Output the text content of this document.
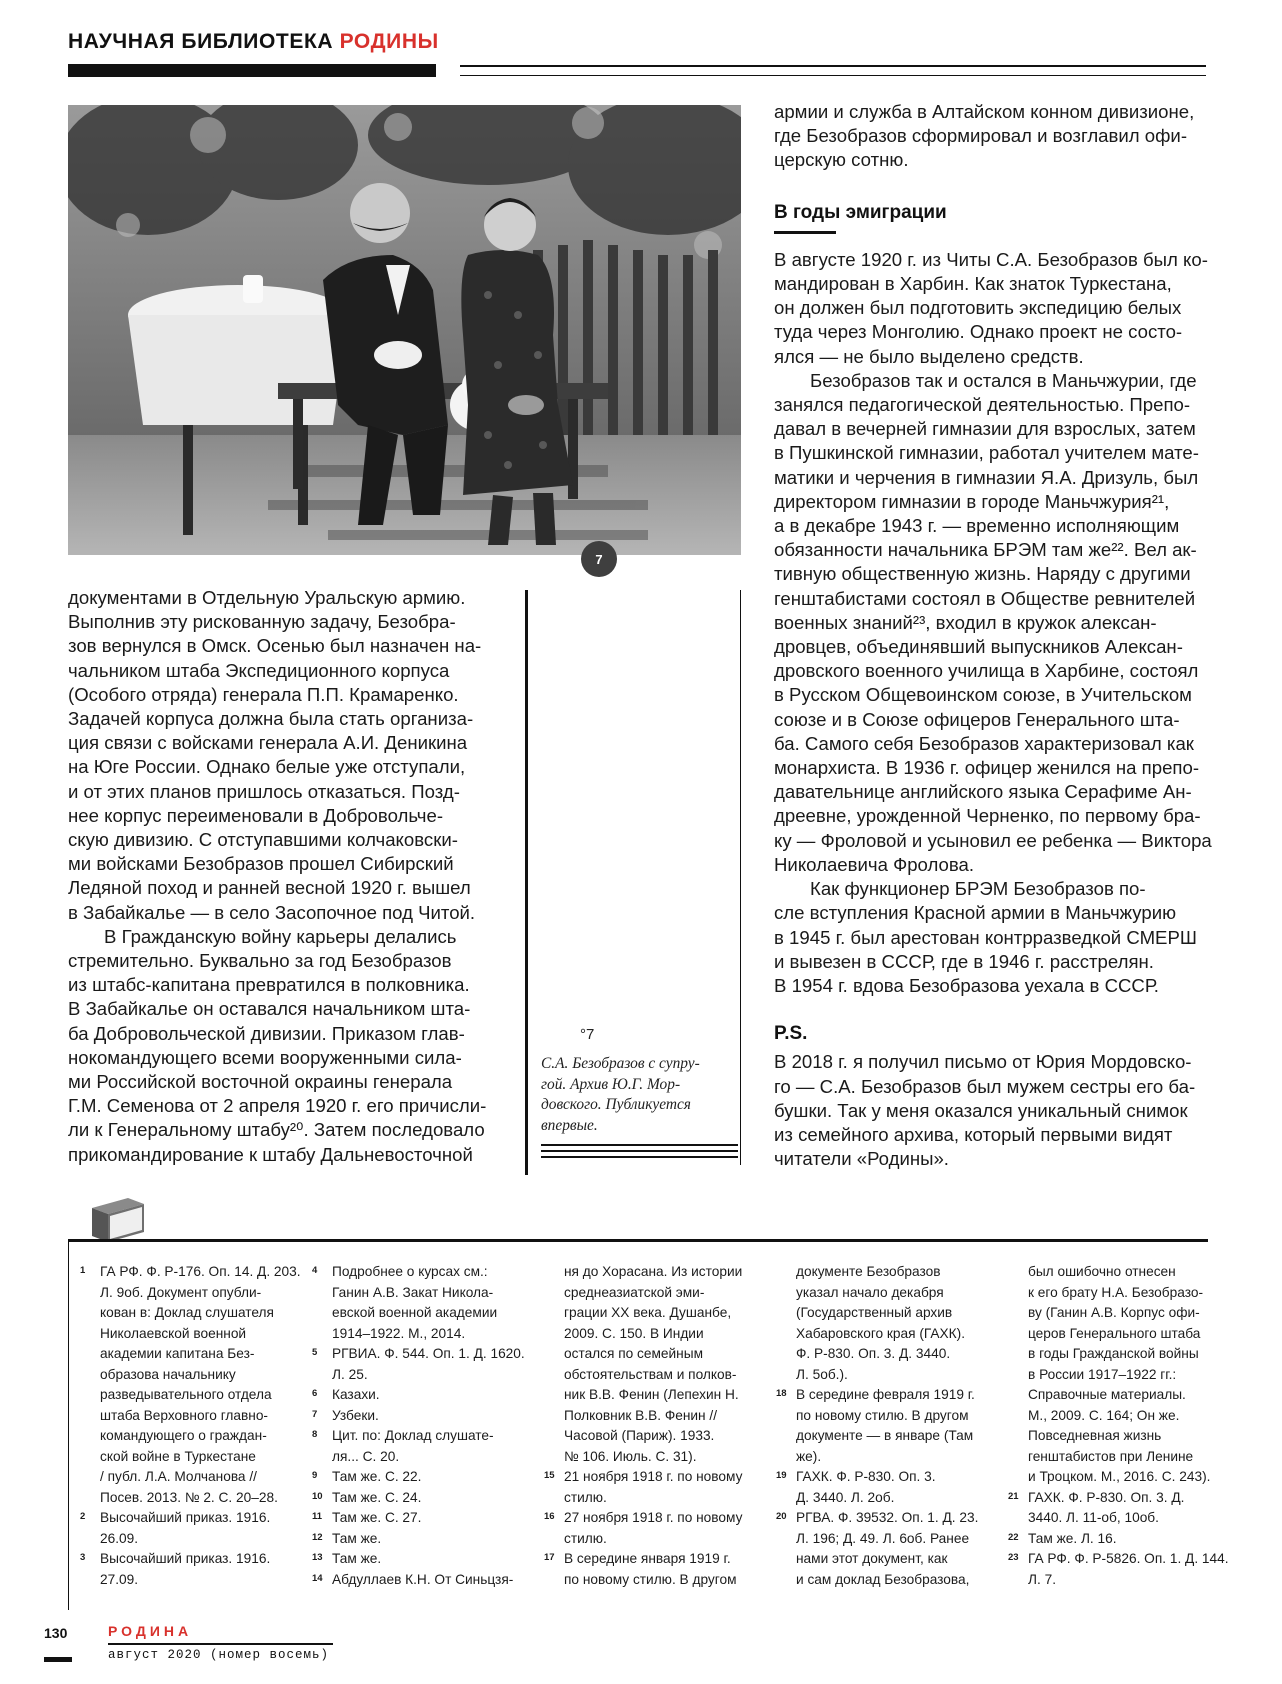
НАУЧНАЯ БИБЛИОТЕКА РОДИНЫ
7

документами в Отдельную Уральскую армию.

Выполнив эту рискованную задачу, Безобра-

зов вернулся в Омск. Осенью был назначен на-

чальником штаба Экспедиционного корпуса

(Особого отряда) генерала П.П. Крамаренко.

Задачей корпуса должна была стать организа-

ция связи с войсками генерала А.И. Деникина

на Юге России. Однако белые уже отступали,

и от этих планов пришлось отказаться. Позд-

нее корпус переименовали в Добровольче-

скую дивизию. С отступавшими колчаковски-

ми войсками Безобразов прошел Сибирский

Ледяной поход и ранней весной 1920 г. вышел

в Забайкалье — в село Засопочное под Читой.

В Гражданскую войну карьеры делались

стремительно. Буквально за год Безобразов

из штабс-капитана превратился в полковника.

В Забайкалье он оставался начальником шта-

ба Добровольческой дивизии. Приказом глав-

нокомандующего всеми вооруженными сила-

ми Российской восточной окраины генерала

Г.М. Семенова от 2 апреля 1920 г. его причисли-

ли к Генеральному штабу²⁰. Затем последовало

прикомандирование к штабу Дальневосточной

°7
С.А. Безобразов с супру-
гой. Архив Ю.Г. Мор-
довского. Публикуется
впервые.

армии и служба в Алтайском конном дивизионе,

где Безобразов сформировал и возглавил офи-

церскую сотню.

В годы эмиграции

В августе 1920 г. из Читы С.А. Безобразов был ко-

мандирован в Харбин. Как знаток Туркестана,

он должен был подготовить экспедицию белых

туда через Монголию. Однако проект не состо-

ялся — не было выделено средств.

Безобразов так и остался в Маньчжурии, где

занялся педагогической деятельностью. Препо-

давал в вечерней гимназии для взрослых, затем

в Пушкинской гимназии, работал учителем мате-

матики и черчения в гимназии Я.А. Дризуль, был

директором гимназии в городе Маньчжурия²¹,

а в декабре 1943 г. — временно исполняющим

обязанности начальника БРЭМ там же²². Вел ак-

тивную общественную жизнь. Наряду с другими

генштабистами состоял в Обществе ревнителей

военных знаний²³, входил в кружок алексан-

дровцев, объединявший выпускников Алексан-

дровского военного училища в Харбине, состоял

в Русском Общевоинском союзе, в Учительском

союзе и в Союзе офицеров Генерального шта-

ба. Самого себя Безобразов характеризовал как

монархиста. В 1936 г. офицер женился на препо-

давательнице английского языка Серафиме Ан-

дреевне, урожденной Черненко, по первому бра-

ку — Фроловой и усыновил ее ребенка — Виктора

Николаевича Фролова.

Как функционер БРЭМ Безобразов по-

сле вступления Красной армии в Маньчжурию

в 1945 г. был арестован контрразведкой СМЕРШ

и вывезен в СССР, где в 1946 г. расстрелян.

В 1954 г. вдова Безобразова уехала в СССР.

P.S.

В 2018 г. я получил письмо от Юрия Мордовско-

го — С.А. Безобразов был мужем сестры его ба-

бушки. Так у меня оказался уникальный снимок

из семейного архива, который первыми видят

читатели «Родины».

1	ГА РФ. Ф. Р-176. Оп. 14. Д. 203.
Л. 9об. Документ опубли-
кован в: Доклад слушателя
Николаевской военной
академии капитана Без-
образова начальнику
разведывательного отдела
штаба Верховного главно-
командующего о граждан-
ской войне в Туркестане
/ публ. Л.А. Молчанова //
Посев. 2013. № 2. С. 20–28.
2	Высочайший приказ. 1916.
26.09.
3	Высочайший приказ. 1916.
27.09.
4	Подробнее о курсах см.:
Ганин А.В. Закат Никола-
евской военной академии
1914–1922. М., 2014.
5	РГВИА. Ф. 544. Оп. 1. Д. 1620.
Л. 25.
6	Казахи.
7	Узбеки.
8	Цит. по: Доклад слушате-
ля... С. 20.
9	Там же. С. 22.
10 Там же. С. 24.
11 Там же. С. 27.
12 Там же.
13 Там же.
14 Абдуллаев К.Н. От Синьцзя-
ня до Хорасана. Из истории
среднеазиатской эми-
грации XX века. Душанбе,
2009. С. 150. В Индии
остался по семейным
обстоятельствам и полков-
ник В.В. Фенин (Лепехин Н.
Полковник В.В. Фенин //
Часовой (Париж). 1933.
№ 106. Июль. С. 31).
15 21 ноября 1918 г. по новому
стилю.
16 27 ноября 1918 г. по новому
стилю.
17 В середине января 1919 г.
по новому стилю. В другом
документе Безобразов
указал начало декабря
(Государственный архив
Хабаровского края (ГАХК).
Ф. Р-830. Оп. 3. Д. 3440.
Л. 5об.).
18 В середине февраля 1919 г.
по новому стилю. В другом
документе — в январе (Там
же).
19 ГАХК. Ф. Р-830. Оп. 3.
Д. 3440. Л. 2об.
20 РГВА. Ф. 39532. Оп. 1. Д. 23.
Л. 196; Д. 49. Л. 6об. Ранее
нами этот документ, как
и сам доклад Безобразова,
был ошибочно отнесен
к его брату Н.А. Безобразо-
ву (Ганин А.В. Корпус офи-
церов Генерального штаба
в годы Гражданской войны
в России 1917–1922 гг.:
Справочные материалы.
М., 2009. С. 164; Он же.
Повседневная жизнь
генштабистов при Ленине
и Троцком. М., 2016. С. 243).
21 ГАХК. Ф. Р-830. Оп. 3. Д.
3440. Л. 11-об, 10об.
22 Там же. Л. 16.
23 ГА РФ. Ф. Р-5826. Оп. 1. Д. 144.
Л. 7.
130	РОДИНА
август 2020 (номер восемь)
